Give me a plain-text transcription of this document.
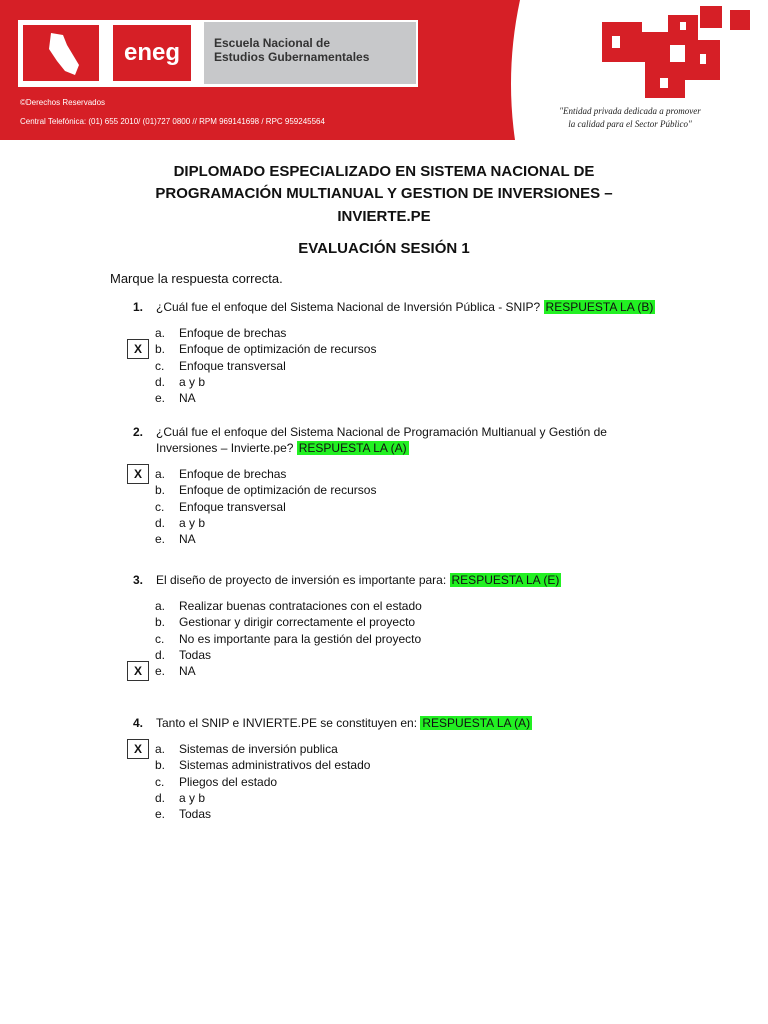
eneg	Escuela Nacional de
Estudios Gubernamentales
©Derechos Reservados
Central Telefónica: (01) 655 2010/ (01)727 0800 // RPM 969141698 / RPC 959245564
"Entidad privada dedicada a promover
la calidad para el Sector Público"
DIPLOMADO ESPECIALIZADO EN SISTEMA NACIONAL DE
PROGRAMACIÓN MULTIANUAL Y GESTION DE INVERSIONES –
INVIERTE.PE
EVALUACIÓN SESIÓN 1
Marque la respuesta correcta.
1. ¿Cuál fue el enfoque del Sistema Nacional de Inversión Pública - SNIP? RESPUESTA LA (B)
a.	Enfoque de brechas
X	b.	Enfoque de optimización de recursos
c.	Enfoque transversal
d.	a y b
e.	NA
2. ¿Cuál fue el enfoque del Sistema Nacional de Programación Multianual y Gestión de Inversiones – Invierte.pe? RESPUESTA LA (A)
X	a.	Enfoque de brechas
b.	Enfoque de optimización de recursos
c.	Enfoque transversal
d.	a y b
e.	NA
3. El diseño de proyecto de inversión es importante para: RESPUESTA LA (E)
a.	Realizar buenas contrataciones con el estado
b.	Gestionar y dirigir correctamente el proyecto
c.	No es importante para la gestión del proyecto
d.	Todas
X	e.	NA
4. Tanto el SNIP e INVIERTE.PE se constituyen en: RESPUESTA LA (A)
X	a.	Sistemas de inversión publica
b.	Sistemas administrativos del estado
c.	Pliegos del estado
d.	a y b
e.	Todas
